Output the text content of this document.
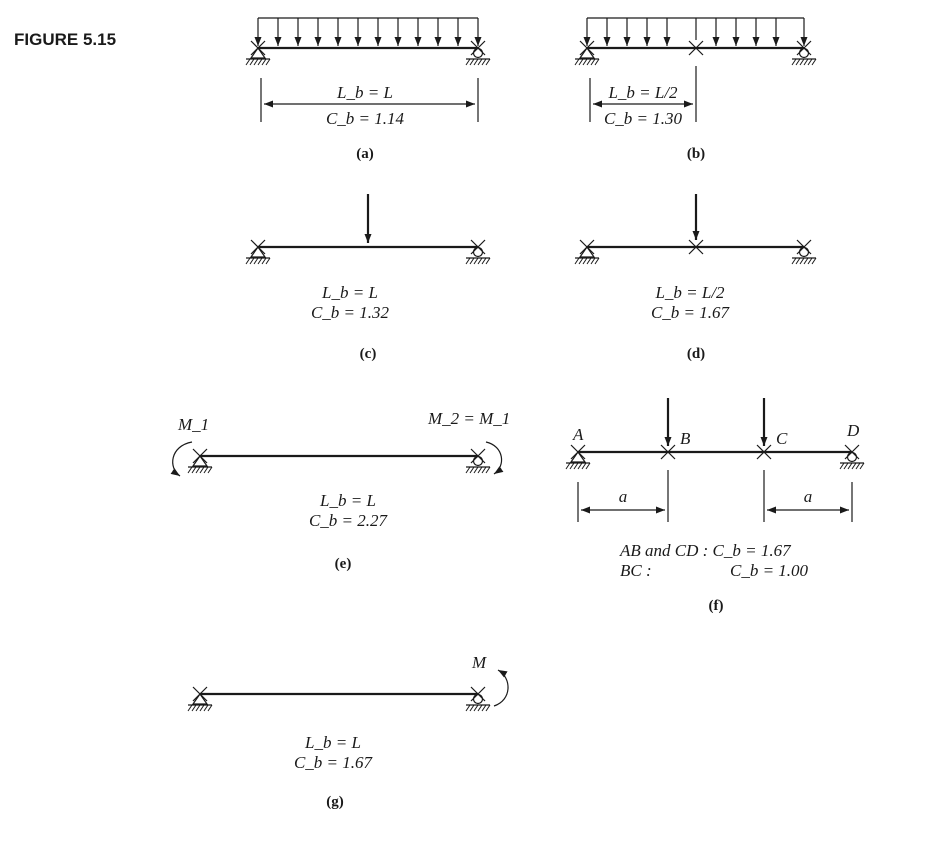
FIGURE 5.15
L_b = L
C_b = 1.14
(a)
L_b = L/2
C_b = 1.30
(b)
L_b = L
C_b = 1.32
(c)
L_b = L/2
C_b = 1.67
(d)
M_1	M_2 = M_1
L_b = L
C_b = 2.27
(e)
A	B	C	D
a	a
AB and CD : C_b = 1.67
BC :	C_b = 1.00
(f)
M
L_b = L
C_b = 1.67
(g)
